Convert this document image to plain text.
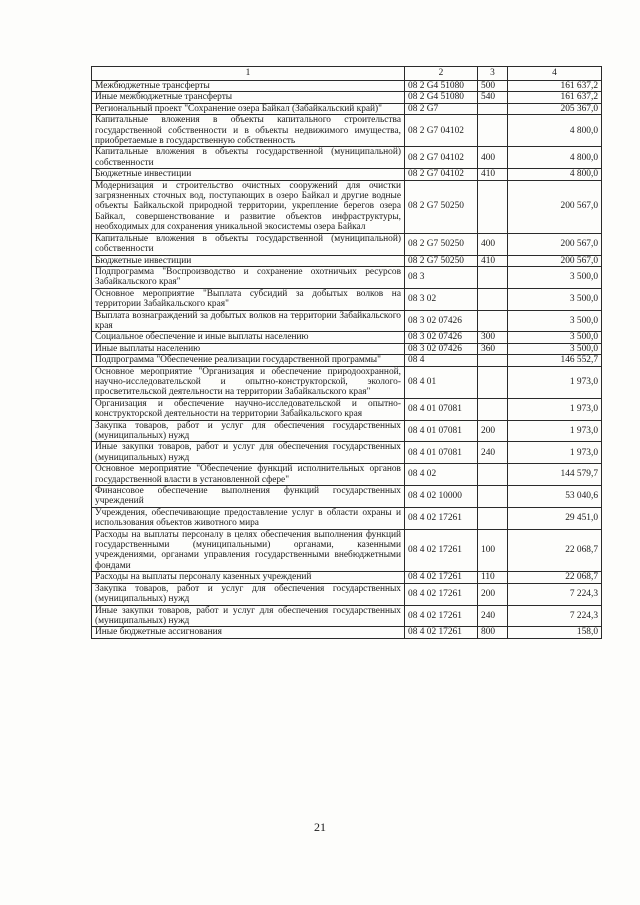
1	2	3	4
Межбюджетные трансферты	08 2 G4 51080	500	161 637,2
Иные межбюджетные трансферты	08 2 G4 51080	540	161 637,2
Региональный проект "Сохранение озера Байкал (Забайкальский край)"	08 2 G7		205 367,0
Капитальные вложения в объекты капитального строительства государственной собственности и в объекты недвижимого имущества, приобретаемые в государственную собственность	08 2 G7 04102		4 800,0
Капитальные вложения в объекты государственной (муниципальной) собственности	08 2 G7 04102	400	4 800,0
Бюджетные инвестиции	08 2 G7 04102	410	4 800,0
Модернизация и строительство очистных сооружений для очистки загрязненных сточных вод, поступающих в озеро Байкал и другие водные объекты Байкальской природной территории, укрепление берегов озера Байкал, совершенствование и развитие объектов инфраструктуры, необходимых для сохранения уникальной экосистемы озера Байкал	08 2 G7 50250		200 567,0
Капитальные вложения в объекты государственной (муниципальной) собственности	08 2 G7 50250	400	200 567,0
Бюджетные инвестиции	08 2 G7 50250	410	200 567,0
Подпрограмма "Воспроизводство и сохранение охотничьих ресурсов Забайкальского края"	08 3		3 500,0
Основное мероприятие "Выплата субсидий за добытых волков на территории Забайкальского края"	08 3 02		3 500,0
Выплата вознаграждений за добытых волков на территории Забайкальского края	08 3 02 07426		3 500,0
Социальное обеспечение и иные выплаты населению	08 3 02 07426	300	3 500,0
Иные выплаты населению	08 3 02 07426	360	3 500,0
Подпрограмма "Обеспечение реализации государственной программы"	08 4		146 552,7
Основное мероприятие "Организация и обеспечение природоохранной, научно-исследовательской и опытно-конструкторской, эколого-просветительской деятельности на территории Забайкальского края"	08 4 01		1 973,0
Организация и обеспечение научно-исследовательской и опытно-конструкторской деятельности на территории Забайкальского края	08 4 01 07081		1 973,0
Закупка товаров, работ и услуг для обеспечения государственных (муниципальных) нужд	08 4 01 07081	200	1 973,0
Иные закупки товаров, работ и услуг для обеспечения государственных (муниципальных) нужд	08 4 01 07081	240	1 973,0
Основное мероприятие "Обеспечение функций исполнительных органов государственной власти в установленной сфере"	08 4 02		144 579,7
Финансовое обеспечение выполнения функций государственных учреждений	08 4 02 10000		53 040,6
Учреждения, обеспечивающие предоставление услуг в области охраны и использования объектов животного мира	08 4 02 17261		29 451,0
Расходы на выплаты персоналу в целях обеспечения выполнения функций государственными (муниципальными) органами, казенными учреждениями, органами управления государственными внебюджетными фондами	08 4 02 17261	100	22 068,7
Расходы на выплаты персоналу казенных учреждений	08 4 02 17261	110	22 068,7
Закупка товаров, работ и услуг для обеспечения государственных (муниципальных) нужд	08 4 02 17261	200	7 224,3
Иные закупки товаров, работ и услуг для обеспечения государственных (муниципальных) нужд	08 4 02 17261	240	7 224,3
Иные бюджетные ассигнования	08 4 02 17261	800	158,0
21
